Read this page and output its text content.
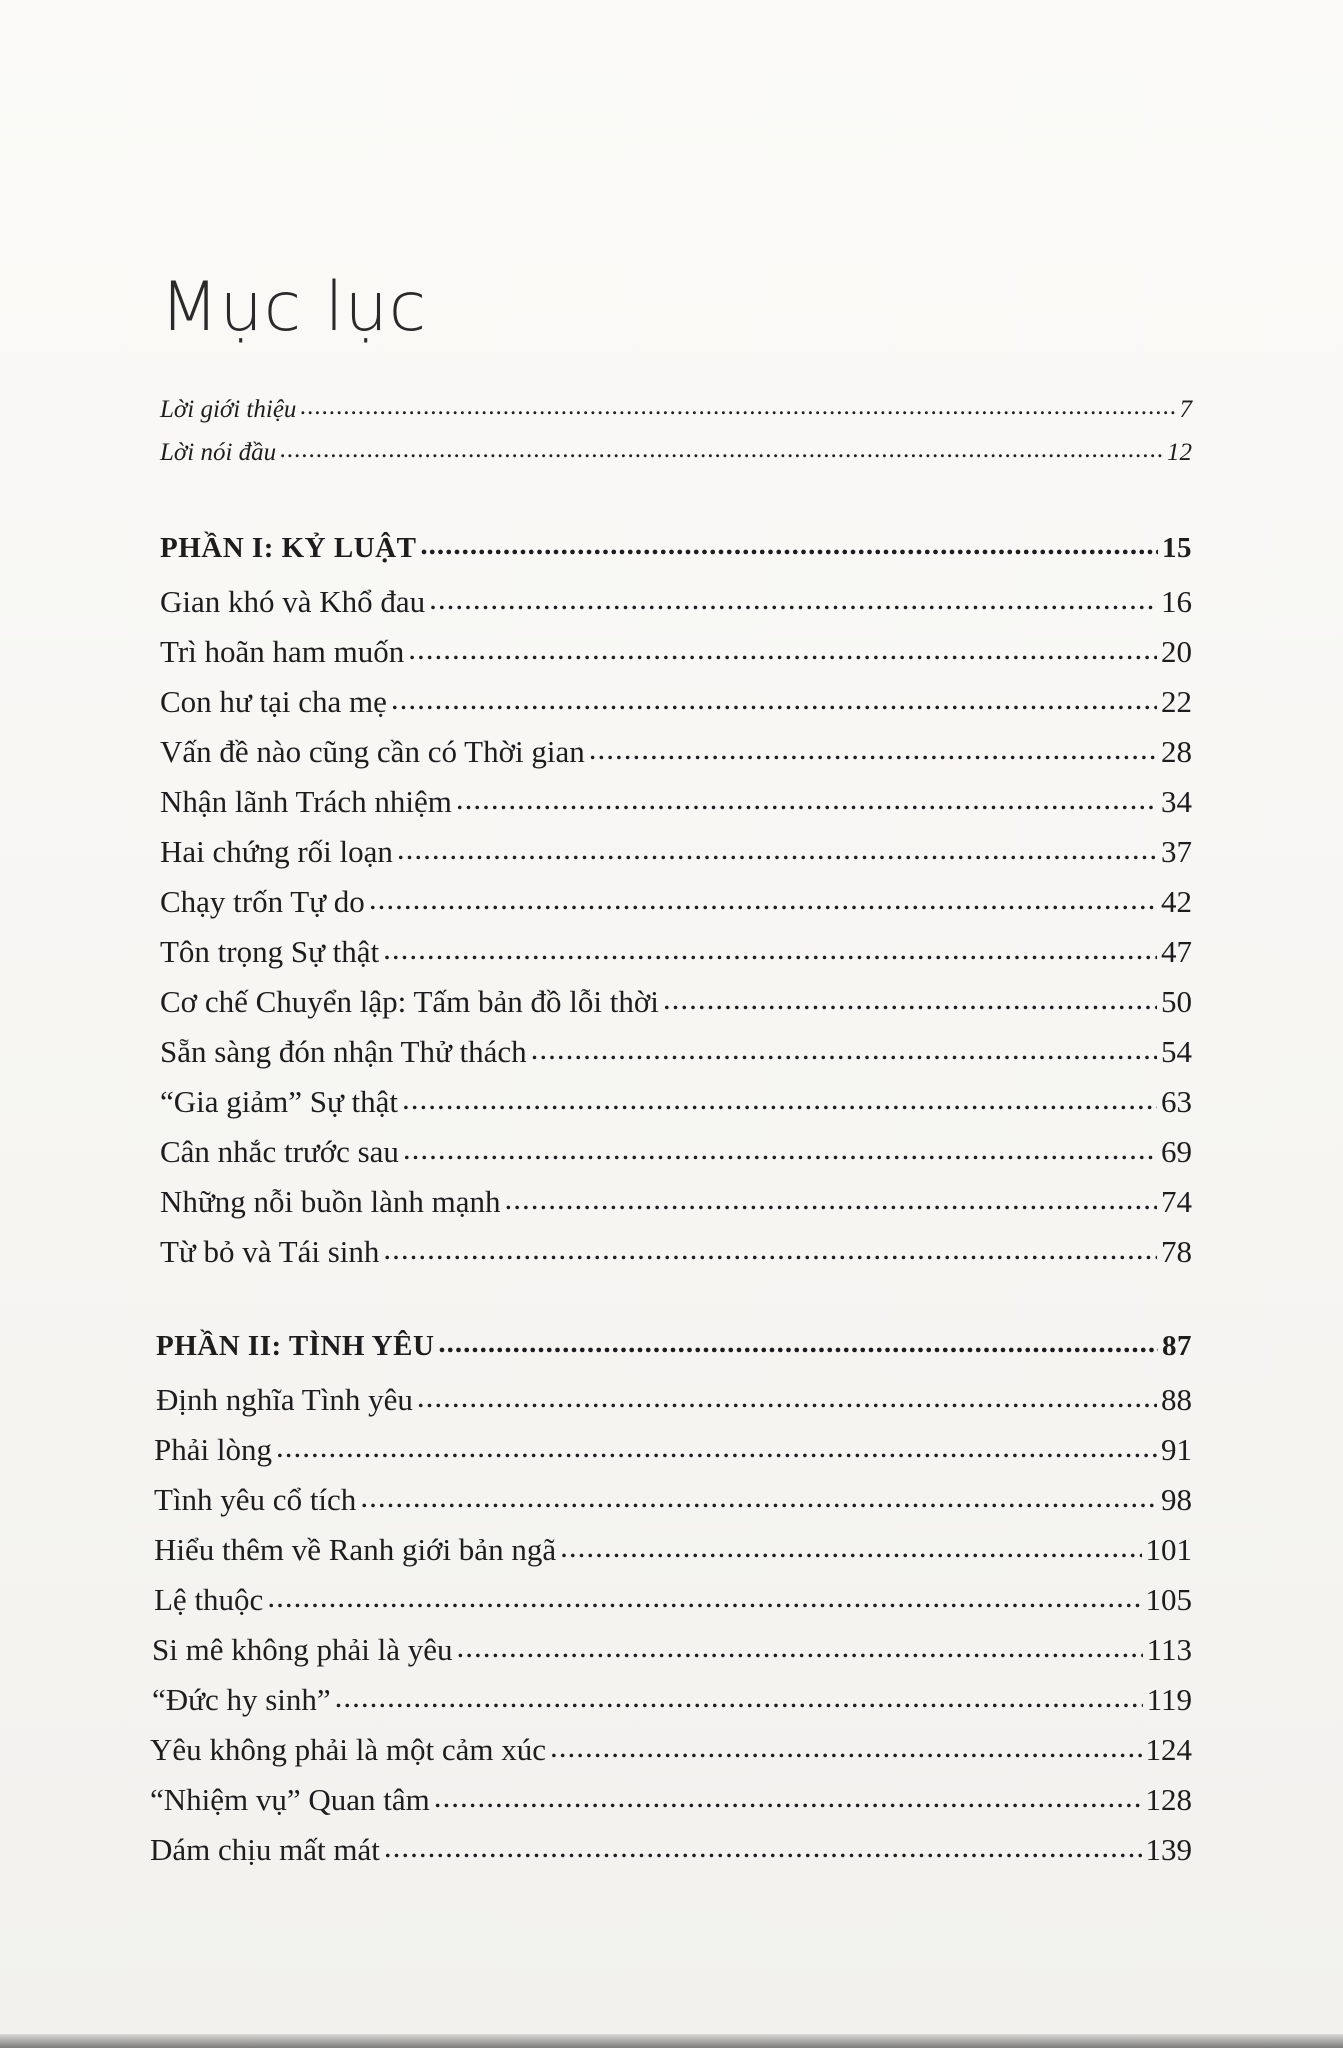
Mục lục
Lời giới thiệu .....	7
Lời nói đầu .....	12
PHẦN I: KỶ LUẬT .....	15
Gian khó và Khổ đau .....	16
Trì hoãn ham muốn .....	20
Con hư tại cha mẹ .....	22
Vấn đề nào cũng cần có Thời gian .....	28
Nhận lãnh Trách nhiệm .....	34
Hai chứng rối loạn .....	37
Chạy trốn Tự do .....	42
Tôn trọng Sự thật .....	47
Cơ chế Chuyển lập: Tấm bản đồ lỗi thời .....	50
Sẵn sàng đón nhận Thử thách .....	54
“Gia giảm” Sự thật .....	63
Cân nhắc trước sau .....	69
Những nỗi buồn lành mạnh .....	74
Từ bỏ và Tái sinh .....	78
PHẦN II: TÌNH YÊU .....	87
Định nghĩa Tình yêu .....	88
Phải lòng .....	91
Tình yêu cổ tích .....	98
Hiểu thêm về Ranh giới bản ngã .....	101
Lệ thuộc .....	105
Si mê không phải là yêu .....	113
“Đức hy sinh” .....	119
Yêu không phải là một cảm xúc .....	124
“Nhiệm vụ” Quan tâm .....	128
Dám chịu mất mát .....	139
